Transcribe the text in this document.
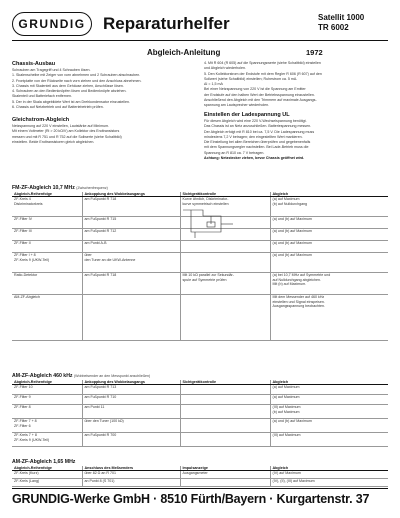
GRUNDIG Reparaturhelfer	Satellit 1000
TR 6002
Abgleich-Anleitung	1972
Chassis-Ausbau
Schrauben am Tragegriff und 4 Schrauben lösen.
1. Skalenscheibe mit Zeiger von vorn abnehmen und 2 Schrauben abschrauben.
2. Frontplatte von der Rückseite nach vorn ziehen und den Anschluss abnehmen.
3. Chassis mit Skalenteil aus dem Gehäuse ziehen, Anschlüsse lösen.
4. Schrauben an den Bedienknöpfen lösen und Bedienknöpfe abziehen.
Skalenteil und Batteriefach entfernen.
5. Der in der Skala abgebildete Wert ist am Drehkondensator einzustellen.
6. Chassis auf Netzbetrieb und auf Batteriebetrieb prüfen.
Gleichstrom-Abgleich
Netzspannung auf 220 V einstellen, Lautstärke auf Minimum.
Mit einem Voltmeter (Ri > 20 kΩ/V) am Kollektor des Endtransistors
messen und mit R 751 und R 752 auf die Sollwerte (siehe Schaltbild)
einstellen. Beide Endtransistoren gleich abgleichen.
4. Mit R 604 (R 605) auf die Spannungswerte (siehe Schaltbild) einstellen
und Abgleich wiederholen.
5. Den Kollektorstrom der Endstufe mit dem Regler R 606 (R 607) auf den
Sollwert (siehe Schaltbild) einstellen; Ruhestrom ca. 5 mA.
ΔI = 1,5 mA
Bei einer Netzspannung von 220 V ist die Spannung am Emitter
der Endstufe auf den halben Wert der Betriebsspannung einzustellen.
Anschließend den Abgleich mit den Trimmern auf maximale Ausgangs-
spannung am Lautsprecher wiederholen.
Einstellen der Ladespannung UL
Für diesen Abgleich wird eine 220 V-Wechselspannung benötigt.
Das Chassis ist an Netz anzuschließen. Batteriespannung messen.
Der Abgleich erfolgt mit R 810 bei ca. 7,5 V. Die Ladespannung muss
mindestens 7,2 V betragen; den eingestellten Wert markieren.
Die Einstellung bei allen Bereichen überprüfen und gegebenenfalls
mit dem Spannungsregler nachstellen. Bei Lade-Betrieb muss die
Spannung an R 810 ca. 7 V betragen.
Achtung: Netzstecker ziehen, bevor Chassis geöffnet wird.
FM-ZF-Abgleich 10,7 MHz (Zwischenfrequenz)
Abgleich-Reihenfolge	Ankopplung des Wobbelausgangs	Sichtgerätkontrolle	Abgleich
ZF-Kreis 4
Diskriminatorkreis	am Fußpunkt R 718	Kurve ähnlich, Diskriminator-
kurve symmetrisch einstellen	(a) auf Maximum
(b) auf Nulldurchgang
ZF-Filter IV	am Fußpunkt R 715		(a) und (b) auf Maximum
ZF-Filter III	am Fußpunkt R 712		(a) und (b) auf Maximum
ZF-Filter II	am Punkt A-B		(a) und (b) auf Maximum
ZF-Filter I + 8
ZF-Kreis 9 (UKW-Teil)	über
den Tuner an die UKW-Antenne		(a) und (b) auf Maximum
Ratio-Detektor	am Fußpunkt R 718	Mit 10 kΩ parallel zur Sekundär-
spule auf Symmetrie prüfen	(a) bei 10,7 MHz auf Symmetrie und
auf Nulldurchgang abgleichen.
Mit (b) auf Maximum.
AM-ZF-Abgleich			Mit dem Messender auf 460 kHz
einstellen und Signal einspeisen.
Ausgangsspannung beobachten.
AM-ZF-Abgleich 460 kHz (Wobbelsender an den Messpunkt anschließen)
Abgleich-Reihenfolge	Ankopplung des Wobbelausgangs	Sichtgerätkontrolle	Abgleich
ZF-Filter 10	am Fußpunkt R 713		(a) auf Maximum
ZF-Filter 9	am Fußpunkt R 710		(a) auf Maximum
ZF-Filter 8	am Punkt 11		(III) auf Maximum
(b) auf Maximum
ZF-Filter 7 + 8
ZF-Filter 6	über den Tuner (100 kΩ)		(a) und (b) auf Maximum
ZF-Kreis 7 + 8
ZF-Kreis 9 (UKW-Teil)	am Fußpunkt R 700		(III) auf Maximum
AM-ZF-Abgleich 1,65 MHz
Abgleich-Reihenfolge	Anschluss des Meßsenders	Impulsanzeige	Abgleich
ZF-Kreis (Kurz)	über 82 Ω an R 701	Ausgangsmeter	(IV) auf Maximum
ZF-Kreis (Lang)	an Punkt 8 (S 701)		(IV), (II), (III) auf Maximum
GRUNDIG-Werke GmbH · 8510 Fürth/Bayern · Kurgartenstr. 37
